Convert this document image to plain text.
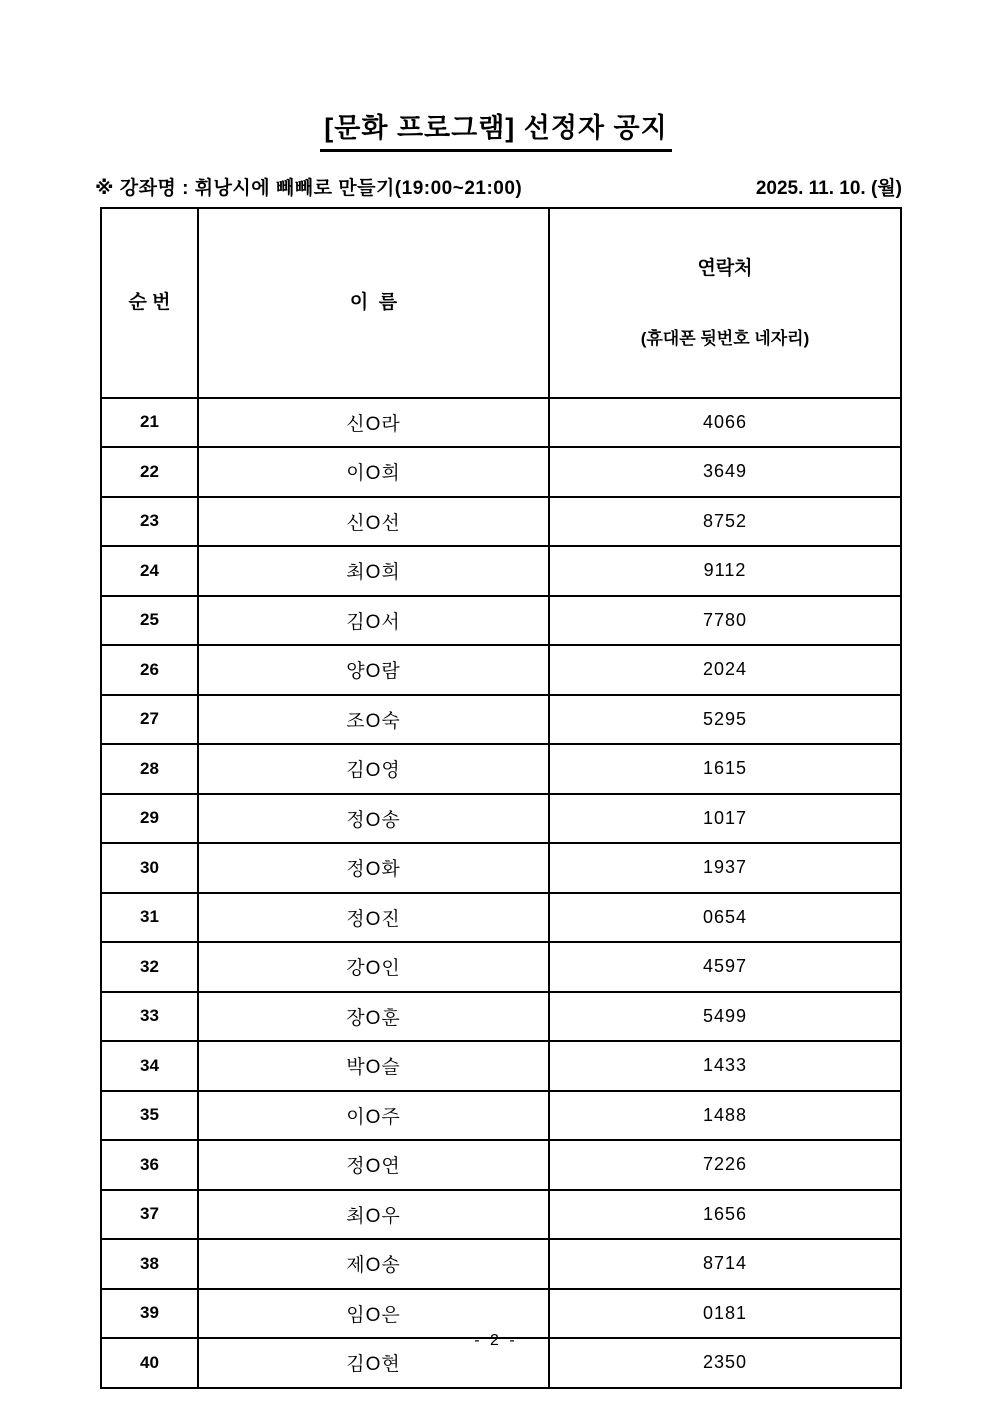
[문화 프로그램] 선정자 공지
※ 강좌명 : 휘낭시에 빼빼로 만들기(19:00~21:00)	2025. 11. 10. (월)
순 번	이  름	연락처

(휴대폰 뒷번호 네자리)

21	신O라	4066
22	이O희	3649
23	신O선	8752
24	최O희	9112
25	김O서	7780
26	양O람	2024
27	조O숙	5295
28	김O영	1615
29	정O송	1017
30	정O화	1937
31	정O진	0654
32	강O인	4597
33	장O훈	5499
34	박O슬	1433
35	이O주	1488
36	정O연	7226
37	최O우	1656
38	제O송	8714
39	임O은	0181
40	김O현	2350
- 2 -
